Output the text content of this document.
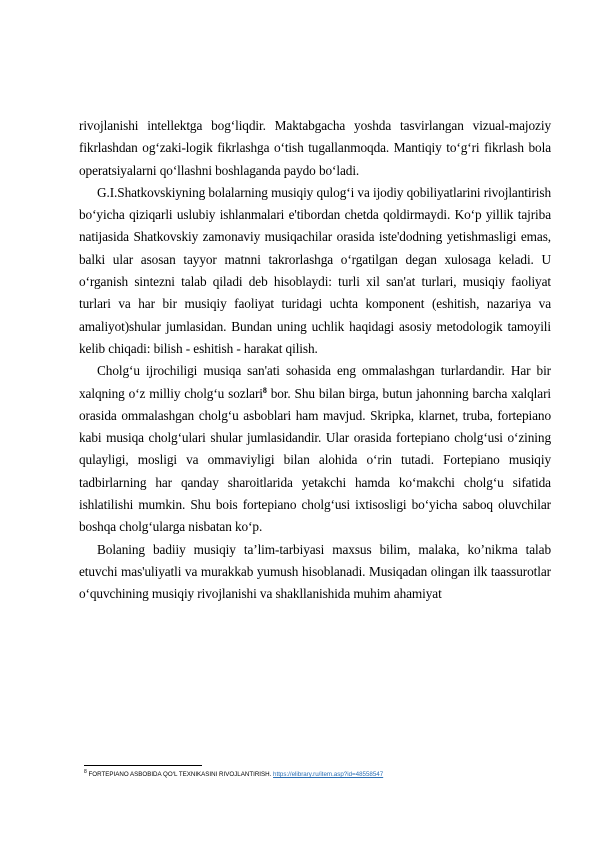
rivojlanishi intellektga bog‘liqdir. Maktabgacha yoshda tasvirlangan vizual-majoziy fikrlashdan og‘zaki-logik fikrlashga o‘tish tugallanmoqda. Mantiqiy to‘g‘ri fikrlash bola operatsiyalarni qo‘llashni boshlaganda paydo bo‘ladi.

G.I.Shatkovskiyning bolalarning musiqiy qulog‘i va ijodiy qobiliyatlarini rivojlantirish bo‘yicha qiziqarli uslubiy ishlanmalari e'tibordan chetda qoldirmaydi. Ko‘p yillik tajriba natijasida Shatkovskiy zamonaviy musiqachilar orasida iste'dodning yetishmasligi emas, balki ular asosan tayyor matnni takrorlashga o‘rgatilgan degan xulosaga keladi. U o‘rganish sintezni talab qiladi deb hisoblaydi: turli xil san'at turlari, musiqiy faoliyat turlari va har bir musiqiy faoliyat turidagi uchta komponent (eshitish, nazariya va amaliyot)shular jumlasidan. Bundan uning uchlik haqidagi asosiy metodologik tamoyili kelib chiqadi: bilish - eshitish - harakat qilish.

Cholg‘u ijrochiligi musiqa san'ati sohasida eng ommalashgan turlardandir. Har bir xalqning o‘z milliy cholg‘u sozlari$^8$ bor. Shu bilan birga, butun jahonning barcha xalqlari orasida ommalashgan cholg‘u asboblari ham mavjud. Skripka, klarnet, truba, fortepiano kabi musiqa cholg‘ulari shular jumlasidandir. Ular orasida fortepiano cholg‘usi o‘zining qulayligi, mosligi va ommaviyligi bilan alohida o‘rin tutadi. Fortepiano musiqiy tadbirlarning har qanday sharoitlarida yetakchi hamda ko‘makchi cholg‘u sifatida ishlatilishi mumkin. Shu bois fortepiano cholg‘usi ixtisosligi bo‘yicha saboq oluvchilar boshqa cholg‘ularga nisbatan ko‘p.

Bolaning badiiy musiqiy ta’lim-tarbiyasi maxsus bilim, malaka, ko’nikma talab etuvchi mas'uliyatli va murakkab yumush hisoblanadi. Musiqadan olingan ilk taassurotlar o‘quvchining musiqiy rivojlanishi va shakllanishida muhim ahamiyat

$^8$ FORTEPIANO ASBOBIDA QO‘L TEXNIKASINI RIVOJLANTIRISH. https://elibrary.ru/item.asp?id=48558547
